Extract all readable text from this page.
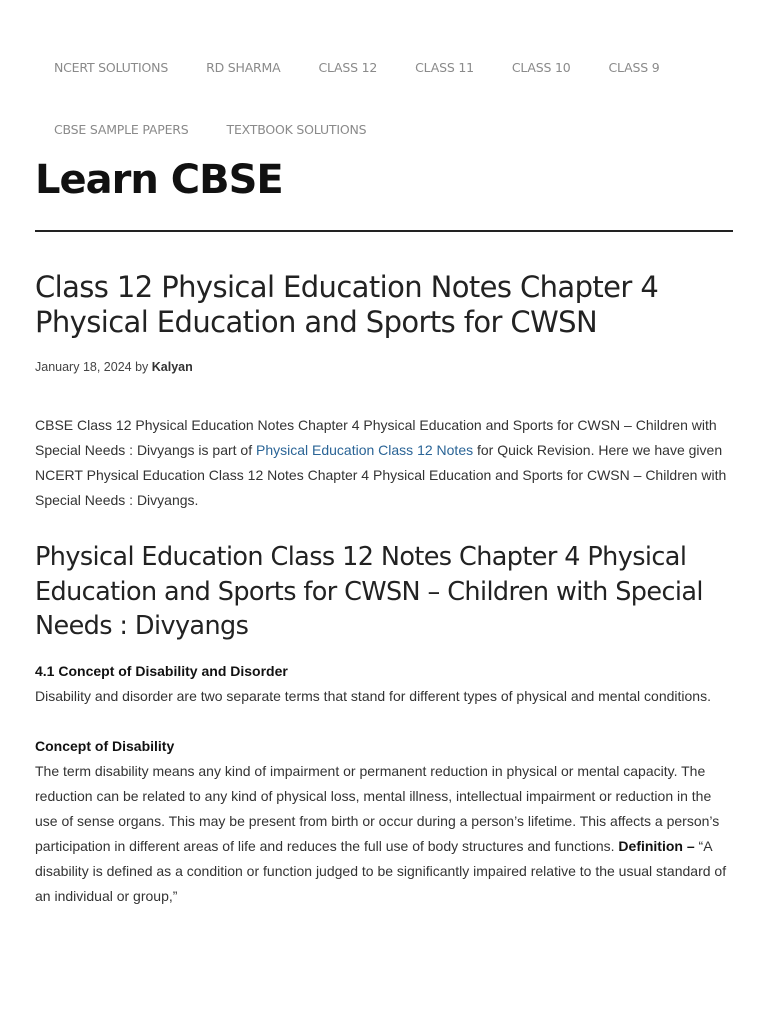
NCERT SOLUTIONS	RD SHARMA	CLASS 12	CLASS 11	CLASS 10	CLASS 9
CBSE SAMPLE PAPERS	TEXTBOOK SOLUTIONS
Learn CBSE
Class 12 Physical Education Notes Chapter 4 Physical Education and Sports for CWSN
January 18, 2024 by Kalyan

CBSE Class 12 Physical Education Notes Chapter 4 Physical Education and Sports for CWSN – Children with Special Needs : Divyangs is part of Physical Education Class 12 Notes for Quick Revision. Here we have given NCERT Physical Education Class 12 Notes Chapter 4 Physical Education and Sports for CWSN – Children with Special Needs : Divyangs.

Physical Education Class 12 Notes Chapter 4 Physical Education and Sports for CWSN – Children with Special Needs : Divyangs
4.1 Concept of Disability and Disorder

Disability and disorder are two separate terms that stand for different types of physical and mental conditions.

Concept of Disability

The term disability means any kind of impairment or permanent reduction in physical or mental capacity. The reduction can be related to any kind of physical loss, mental illness, intellectual impairment or reduction in the use of sense organs. This may be present from birth or occur during a person’s lifetime. This affects a person’s participation in different areas of life and reduces the full use of body structures and functions. Definition – “A disability is defined as a condition or function judged to be significantly impaired relative to the usual standard of an individual or group,”
